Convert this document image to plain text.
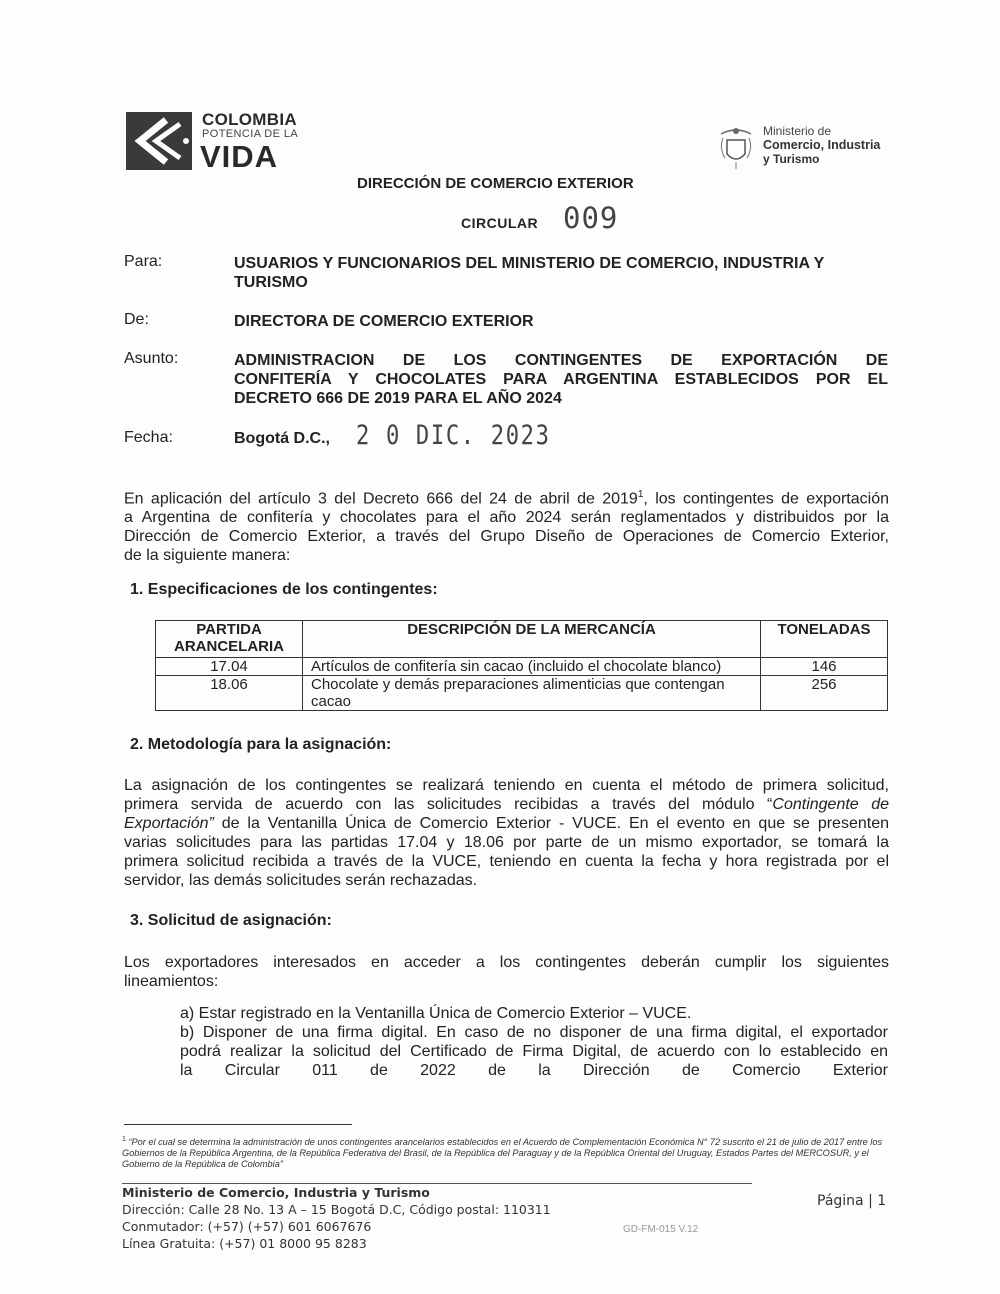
COLOMBIA
POTENCIA DE LA
VIDA
Ministerio de
Comercio, Industria
y Turismo
DIRECCIÓN DE COMERCIO EXTERIOR
CIRCULAR 009
Para:	USUARIOS Y FUNCIONARIOS DEL MINISTERIO DE COMERCIO, INDUSTRIA Y
TURISMO
De:	DIRECTORA DE COMERCIO EXTERIOR
Asunto:	ADMINISTRACION DE LOS CONTINGENTES DE EXPORTACIÓN DE
CONFITERÍA Y CHOCOLATES PARA ARGENTINA ESTABLECIDOS POR EL
DECRETO 666 DE 2019 PARA EL AÑO 2024
Fecha:	Bogotá D.C., 2 0 DIC. 2023
En aplicación del artículo 3 del Decreto 666 del 24 de abril de 2019$^1$, los contingentes de exportación
a Argentina de confitería y chocolates para el año 2024 serán reglamentados y distribuidos por la
Dirección de Comercio Exterior, a través del Grupo Diseño de Operaciones de Comercio Exterior,
de la siguiente manera:
1. Especificaciones de los contingentes:
PARTIDA ARANCELARIA	DESCRIPCIÓN DE LA MERCANCÍA	TONELADAS
17.04	Artículos de confitería sin cacao (incluido el chocolate blanco)	146
18.06	Chocolate y demás preparaciones alimenticias que contengan cacao	256
2. Metodología para la asignación:
La asignación de los contingentes se realizará teniendo en cuenta el método de primera solicitud,
primera servida de acuerdo con las solicitudes recibidas a través del módulo “Contingente de
Exportación” de la Ventanilla Única de Comercio Exterior - VUCE. En el evento en que se presenten
varias solicitudes para las partidas 17.04 y 18.06 por parte de un mismo exportador, se tomará la
primera solicitud recibida a través de la VUCE, teniendo en cuenta la fecha y hora registrada por el
servidor, las demás solicitudes serán rechazadas.
3. Solicitud de asignación:
Los exportadores interesados en acceder a los contingentes deberán cumplir los siguientes
lineamientos:
a) Estar registrado en la Ventanilla Única de Comercio Exterior – VUCE.
b) Disponer de una firma digital. En caso de no disponer de una firma digital, el exportador
podrá realizar la solicitud del Certificado de Firma Digital, de acuerdo con lo establecido en
la Circular 011 de 2022 de la Dirección de Comercio Exterior
$^1$ “Por el cual se determina la administración de unos contingentes arancelarios establecidos en el Acuerdo de Complementación Económica N° 72 suscrito el 21 de julio de 2017 entre los Gobiernos de la República Argentina, de la República Federativa del Brasil, de la República del Paraguay y de la República Oriental del Uruguay, Estados Partes del MERCOSUR, y el Gobierno de la República de Colombia”
Ministerio de Comercio, Industria y Turismo
Dirección: Calle 28 No. 13 A – 15 Bogotá D.C, Código postal: 110311
Conmutador: (+57) (+57) 601 6067676
Línea Gratuita: (+57) 01 8000 95 8283
Página | 1
GD-FM-015 V.12
